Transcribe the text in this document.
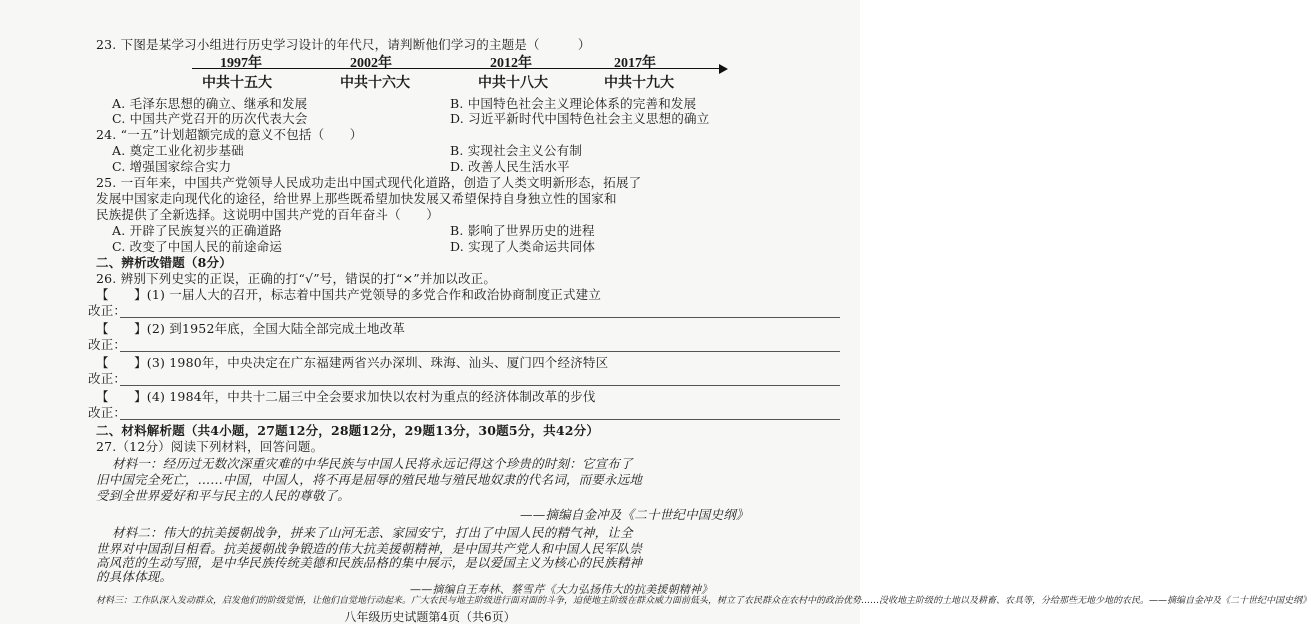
23. 下图是某学习小组进行历史学习设计的年代尺，请判断他们学习的主题是（　　　）
1997年	2002年	2012年	2017年
中共十五大	中共十六大	中共十八大	中共十九大
A. 毛泽东思想的确立、继承和发展	B. 中国特色社会主义理论体系的完善和发展
C. 中国共产党召开的历次代表大会	D. 习近平新时代中国特色社会主义思想的确立
24. “一五”计划超额完成的意义不包括（　　）
A. 奠定工业化初步基础	B. 实现社会主义公有制
C. 增强国家综合实力	D. 改善人民生活水平
25. 一百年来，中国共产党领导人民成功走出中国式现代化道路，创造了人类文明新形态，拓展了
发展中国家走向现代化的途径，给世界上那些既希望加快发展又希望保持自身独立性的国家和
民族提供了全新选择。这说明中国共产党的百年奋斗（　　）
A. 开辟了民族复兴的正确道路	B. 影响了世界历史的进程
C. 改变了中国人民的前途命运	D. 实现了人类命运共同体
二、辨析改错题（8分）
26. 辨别下列史实的正误，正确的打“√”号，错误的打“×”并加以改正。
【　　】(1) 一届人大的召开，标志着中国共产党领导的多党合作和政治协商制度正式建立
改正：
【　　】(2) 到1952年底，全国大陆全部完成土地改革
改正：
【　　】(3) 1980年，中央决定在广东福建两省兴办深圳、珠海、汕头、厦门四个经济特区
改正：
【　　】(4) 1984年，中共十二届三中全会要求加快以农村为重点的经济体制改革的步伐
改正：
二、材料解析题（共4小题，27题12分，28题12分，29题13分，30题5分，共42分）
27.（12分）阅读下列材料，回答问题。
材料一：经历过无数次深重灾难的中华民族与中国人民将永远记得这个珍贵的时刻：它宣布了
旧中国完全死亡，……中国，中国人，将不再是屈辱的殖民地与殖民地奴隶的代名词，而要永远地
受到全世界爱好和平与民主的人民的尊敬了。
——摘编自金冲及《二十世纪中国史纲》
材料二：伟大的抗美援朝战争，拼来了山河无恙、家园安宁，打出了中国人民的精气神，让全
世界对中国刮目相看。抗美援朝战争锻造的伟大抗美援朝精神，是中国共产党人和中国人民军队崇
高风范的生动写照，是中华民族传统美德和民族品格的集中展示，是以爱国主义为核心的民族精神
的具体体现。
——摘编自王寿林、蔡雪芹《大力弘扬伟大的抗美援朝精神》
八年级历史试题第4页（共6页）
材料三：工作队深入发动群众，启发他们的阶级觉悟，让他们自觉地行动起来。广大农民与地主阶级进行面对面的斗争，迫使地主阶级在群众威力面前低头，树立了农民群众在农村中的政治优势……没收地主阶级的土地以及耕畜、农具等，分给那些无地少地的农民。——摘编自金冲及《二十世纪中国史纲》
